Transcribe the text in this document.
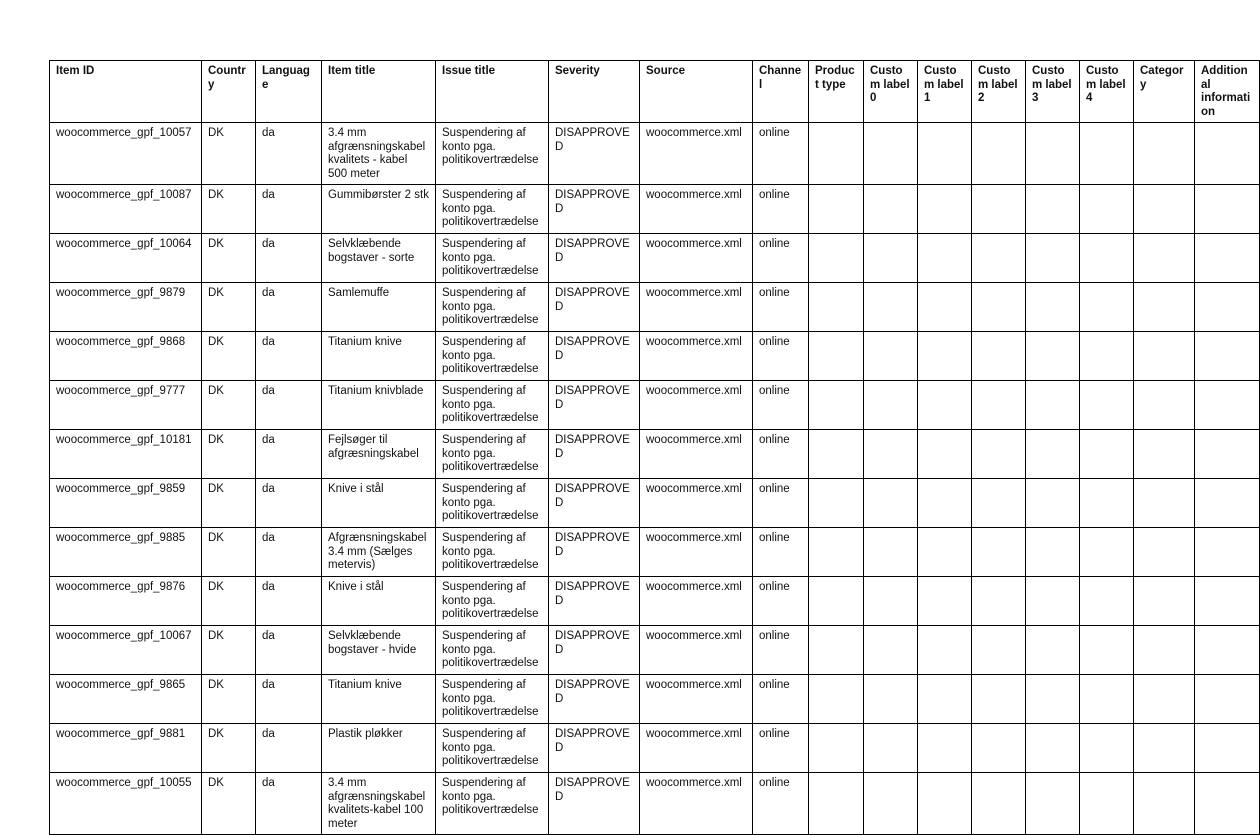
Item ID	Country	Language	Item title	Issue title	Severity	Source	Channel	Product type	Custom label 0	Custom label 1	Custom label 2	Custom label 3	Custom label 4	Category	Additional information
woocommerce_gpf_10057	DK	da	3.4 mm afgrænsningskabel kvalitets - kabel 500 meter	Suspendering af konto pga. politikovertrædelse	DISAPPROVED	woocommerce.xml	online								
woocommerce_gpf_10087	DK	da	Gummibørster 2 stk	Suspendering af konto pga. politikovertrædelse	DISAPPROVED	woocommerce.xml	online								
woocommerce_gpf_10064	DK	da	Selvklæbende bogstaver - sorte	Suspendering af konto pga. politikovertrædelse	DISAPPROVED	woocommerce.xml	online								
woocommerce_gpf_9879	DK	da	Samlemuffe	Suspendering af konto pga. politikovertrædelse	DISAPPROVED	woocommerce.xml	online								
woocommerce_gpf_9868	DK	da	Titanium knive	Suspendering af konto pga. politikovertrædelse	DISAPPROVED	woocommerce.xml	online								
woocommerce_gpf_9777	DK	da	Titanium knivblade	Suspendering af konto pga. politikovertrædelse	DISAPPROVED	woocommerce.xml	online								
woocommerce_gpf_10181	DK	da	Fejlsøger til afgræsningskabel	Suspendering af konto pga. politikovertrædelse	DISAPPROVED	woocommerce.xml	online								
woocommerce_gpf_9859	DK	da	Knive i stål	Suspendering af konto pga. politikovertrædelse	DISAPPROVED	woocommerce.xml	online								
woocommerce_gpf_9885	DK	da	Afgrænsningskabel 3.4 mm (Sælges metervis)	Suspendering af konto pga. politikovertrædelse	DISAPPROVED	woocommerce.xml	online								
woocommerce_gpf_9876	DK	da	Knive i stål	Suspendering af konto pga. politikovertrædelse	DISAPPROVED	woocommerce.xml	online								
woocommerce_gpf_10067	DK	da	Selvklæbende bogstaver - hvide	Suspendering af konto pga. politikovertrædelse	DISAPPROVED	woocommerce.xml	online								
woocommerce_gpf_9865	DK	da	Titanium knive	Suspendering af konto pga. politikovertrædelse	DISAPPROVED	woocommerce.xml	online								
woocommerce_gpf_9881	DK	da	Plastik pløkker	Suspendering af konto pga. politikovertrædelse	DISAPPROVED	woocommerce.xml	online								
woocommerce_gpf_10055	DK	da	3.4 mm afgrænsningskabel kvalitets-kabel 100 meter	Suspendering af konto pga. politikovertrædelse	DISAPPROVED	woocommerce.xml	online								
